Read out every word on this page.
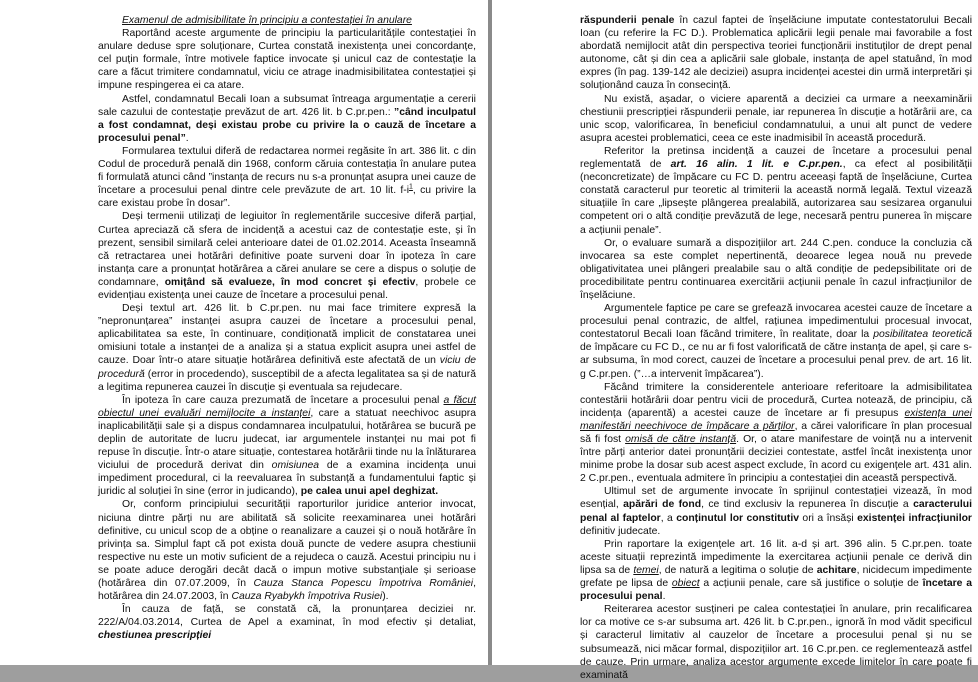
Examenul de admisibilitate în principiu a contestației în anulare

Raportând aceste argumente de principiu la particularitățile contestației în anulare deduse spre soluționare, Curtea constată inexistența unei concordanțe, cel puțin formale, între motivele faptice invocate și unicul caz de contestație la care a făcut trimitere condamnatul, viciu ce atrage inadmisibilitatea contestației și impune respingerea ei ca atare.

Astfel, condamnatul Becali Ioan a subsumat întreaga argumentație a cererii sale cazului de contestație prevăzut de art. 426 lit. b C.pr.pen.: ”când inculpatul a fost condamnat, deși existau probe cu privire la o cauză de încetare a procesului penal”.

Formularea textului diferă de redactarea normei regăsite în art. 386 lit. c din Codul de procedură penală din 1968, conform căruia contestația în anulare putea fi formulată atunci când ”instanța de recurs nu s-a pronunțat asupra unei cauze de încetare a procesului penal dintre cele prevăzute de art. 10 lit. $f-i^1$, cu privire la care existau probe în dosar”.

Deși termenii utilizați de legiuitor în reglementările succesive diferă parțial, Curtea apreciază că sfera de incidență a acestui caz de contestație este, și în prezent, sensibil similară celei anterioare datei de 01.02.2014. Aceasta înseamnă că retractarea unei hotărâri definitive poate surveni doar în ipoteza în care instanța care a pronunțat hotărârea a cărei anulare se cere a dispus o soluție de condamnare, omițând să evalueze, în mod concret și efectiv, probele ce evidențiau existența unei cauze de încetare a procesului penal.

Deși textul art. 426 lit. b C.pr.pen. nu mai face trimitere expresă la ”nepronunțarea” instanței asupra cauzei de încetare a procesului penal, aplicabilitatea sa este, în continuare, condiționată implicit de constatarea unei omisiuni totale a instanței de a analiza și a statua explicit asupra unei astfel de cauze. Doar într-o atare situație hotărârea definitivă este afectată de un viciu de procedură (error in procedendo), susceptibil de a afecta legalitatea sa și de natură a legitima repunerea cauzei în discuție și eventuala sa rejudecare.

În ipoteza în care cauza prezumată de încetare a procesului penal a făcut obiectul unei evaluări nemijlocite a instanței, care a statuat neechivoc asupra inaplicabilității sale și a dispus condamnarea inculpatului, hotărârea se bucură pe deplin de autoritate de lucru judecat, iar argumentele instanței nu mai pot fi repuse în discuție. Într-o atare situație, contestarea hotărârii tinde nu la înlăturarea viciului de procedură derivat din omisiunea de a examina incidența unui impediment procedural, ci la reevaluarea în substanță a fundamentului faptic și juridic al soluției în sine (error in judicando), pe calea unui apel deghizat.

Or, conform principiului securității raporturilor juridice anterior invocat, niciuna dintre părți nu are abilitată să solicite reexaminarea unei hotărâri definitive, cu unicul scop de a obține o reanalizare a cauzei și o nouă hotărâre în privința sa. Simplul fapt că pot exista două puncte de vedere asupra chestiunii respective nu este un motiv suficient de a rejudeca o cauză. Acestui principiu nu i se poate aduce derogări decât dacă o impun motive substanțiale și serioase (hotărârea din 07.07.2009, în Cauza Stanca Popescu împotriva României, hotărârea din 24.07.2003, în Cauza Ryabykh împotriva Rusiei).

În cauza de față, se constată că, la pronunțarea deciziei nr. 222/A/04.03.2014, Curtea de Apel a examinat, în mod efectiv și detaliat, chestiunea prescripției

răspunderii penale în cazul faptei de înșelăciune imputate contestatorului Becali Ioan (cu referire la FC D.). Problematica aplicării legii penale mai favorabile a fost abordată nemijlocit atât din perspectiva teoriei funcționării instituților de drept penal autonome, cât și din cea a aplicării sale globale, instanța de apel statuând, în mod expres (în pag. 139-142 ale deciziei) asupra incidenței acestei din urmă interpretări și soluționând cauza în consecință.

Nu există, așadar, o viciere aparentă a deciziei ca urmare a neexaminării chestiunii prescripției răspunderii penale, iar repunerea în discuție a hotărârii are, ca unic scop, valorificarea, în beneficiul condamnatului, a unui alt punct de vedere asupra acestei problematici, ceea ce este inadmisibil în această procedură.

Referitor la pretinsa incidență a cauzei de încetare a procesului penal reglementată de art. 16 alin. 1 lit. e C.pr.pen., ca efect al posibilității (neconcretizate) de împăcare cu FC D. pentru aceeași faptă de înșelăciune, Curtea constată caracterul pur teoretic al trimiterii la această normă legală. Textul vizează situațiile în care „lipsește plângerea prealabilă, autorizarea sau sesizarea organului competent ori o altă condiție prevăzută de lege, necesară pentru punerea în mișcare a acțiunii penale”.

Or, o evaluare sumară a dispozițiilor art. 244 C.pen. conduce la concluzia că invocarea sa este complet nepertinentă, deoarece legea nouă nu prevede obligativitatea unei plângeri prealabile sau o altă condiție de pedepsibilitate ori de procedibilitate pentru continuarea exercitării acțiunii penale în cazul infracțiunilor de înșelăciune.

Argumentele faptice pe care se grefează invocarea acestei cauze de încetare a procesului penal contrazic, de altfel, rațiunea impedimentului procesual invocat, contestatorul Becali Ioan făcând trimitere, în realitate, doar la posibilitatea teoretică de împăcare cu FC D., ce nu ar fi fost valorificată de către instanța de apel, și care s-ar subsuma, în mod corect, cauzei de încetare a procesului penal prev. de art. 16 lit. g C.pr.pen. (”…a intervenit împăcarea”).

Făcând trimitere la considerentele anterioare referitoare la admisibilitatea contestării hotărârii doar pentru vicii de procedură, Curtea notează, de principiu, că incidența (aparentă) a acestei cauze de încetare ar fi presupus existența unei manifestări neechivoce de împăcare a părților, a cărei valorificare în plan procesual să fi fost omisă de către instanță. Or, o atare manifestare de voință nu a intervenit între părți anterior datei pronunțării deciziei contestate, astfel încât inexistența unor minime probe la dosar sub acest aspect exclude, în acord cu exigențele art. 431 alin. 2 C.pr.pen., eventuala admitere în principiu a contestației din această perspectivă.

Ultimul set de argumente invocate în sprijinul contestației vizează, în mod esențial, apărări de fond, ce tind exclusiv la repunerea în discuție a caracterului penal al faptelor, a conținutul lor constitutiv ori a însăși existenței infracțiunilor definitiv judecate.

Prin raportare la exigențele art. 16 lit. a-d și art. 396 alin. 5 C.pr.pen. toate aceste situații reprezintă impedimente la exercitarea acțiunii penale ce derivă din lipsa sa de temei, de natură a legitima o soluție de achitare, nicidecum impedimente grefate pe lipsa de obiect a acțiunii penale, care să justifice o soluție de încetare a procesului penal.

Reiterarea acestor susțineri pe calea contestației în anulare, prin recalificarea lor ca motive ce s-ar subsuma art. 426 lit. b C.pr.pen., ignoră în mod vădit specificul și caracterul limitativ al cauzelor de încetare a procesului penal și nu se subsumează, nici măcar formal, dispozițiilor art. 16 C.pr.pen. ce reglementează astfel de cauze. Prin urmare, analiza acestor argumente excede limitelor în care poate fi examinată
